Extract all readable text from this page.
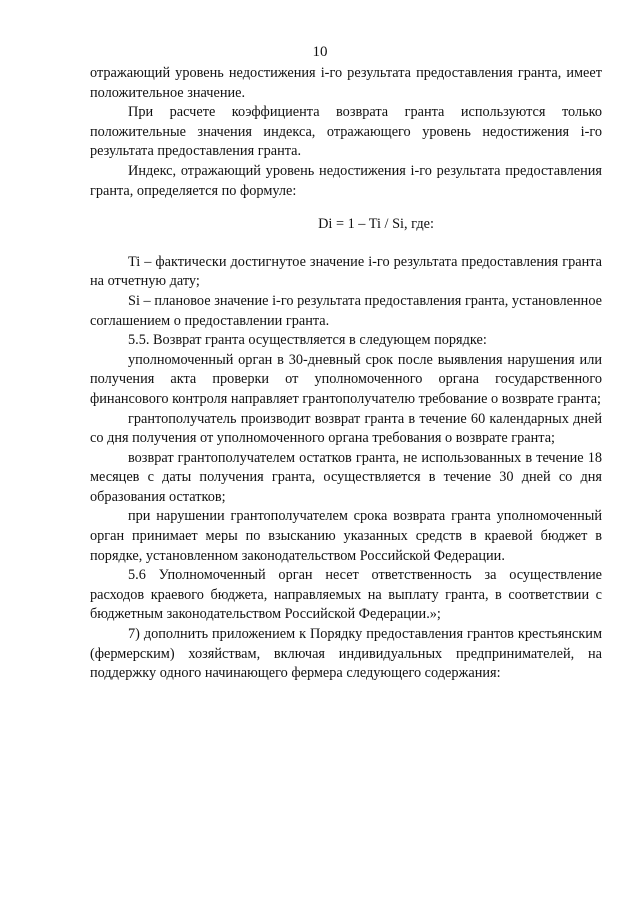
10

отражающий уровень недостижения i-го результата предоставления гранта, имеет положительное значение.

При расчете коэффициента возврата гранта используются только положительные значения индекса, отражающего уровень недостижения i-го результата предоставления гранта.

Индекс, отражающий уровень недостижения i-го результата предоставления гранта, определяется по формуле:

Di = 1 – Ti / Si, где:

Ti – фактически достигнутое значение i-го результата предоставления гранта на отчетную дату;

Si – плановое значение i-го результата предоставления гранта, установленное соглашением о предоставлении гранта.

5.5. Возврат гранта осуществляется в следующем порядке:

уполномоченный орган в 30-дневный срок после выявления нарушения или получения акта проверки от уполномоченного органа государственного финансового контроля направляет грантополучателю требование о возврате гранта;

грантополучатель производит возврат гранта в течение 60 календарных дней со дня получения от уполномоченного органа требования о возврате гранта;

возврат грантополучателем остатков гранта, не использованных в течение 18 месяцев с даты получения гранта, осуществляется в течение 30 дней со дня образования остатков;

при нарушении грантополучателем срока возврата гранта уполномоченный орган принимает меры по взысканию указанных средств в краевой бюджет в порядке, установленном законодательством Российской Федерации.

5.6 Уполномоченный орган несет ответственность за осуществление расходов краевого бюджета, направляемых на выплату гранта, в соответствии с бюджетным законодательством Российской Федерации.»;

7) дополнить приложением к Порядку предоставления грантов крестьянским (фермерским) хозяйствам, включая индивидуальных предпринимателей, на поддержку одного начинающего фермера следующего содержания:
